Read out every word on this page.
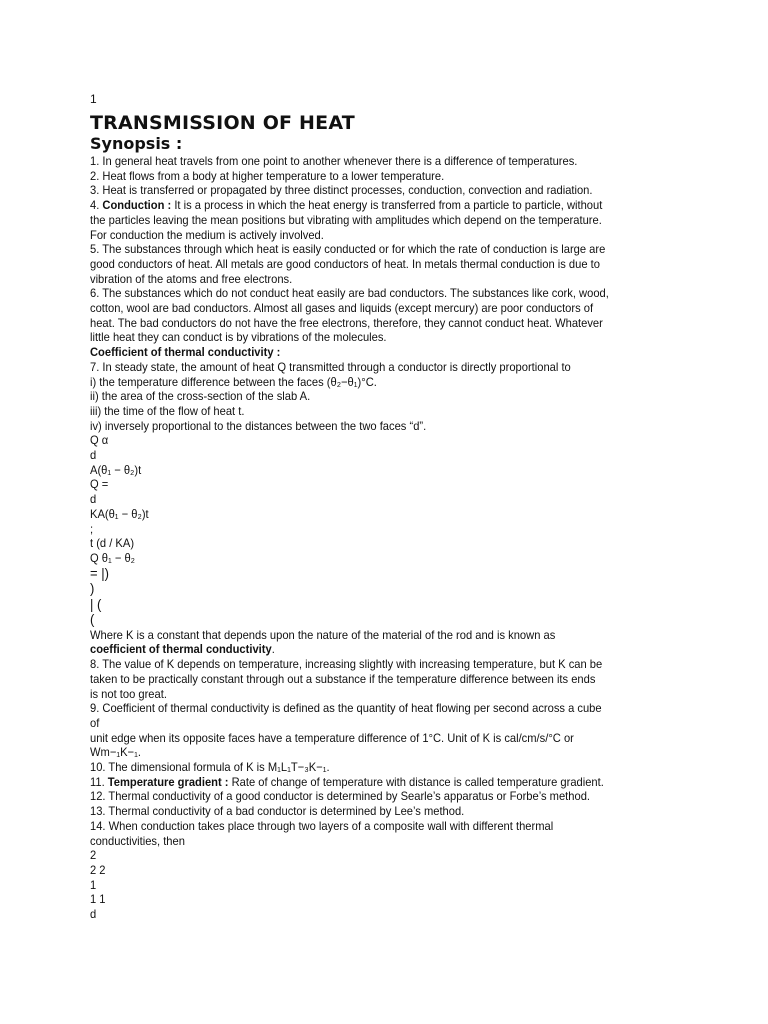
1

TRANSMISSION OF HEAT
Synopsis :

1. In general heat travels from one point to another whenever there is a difference of temperatures.

2. Heat flows from a body at higher temperature to a lower temperature.

3. Heat is transferred or propagated by three distinct processes, conduction, convection and radiation.

4. Conduction : It is a process in which the heat energy is transferred from a particle to particle, without

the particles leaving the mean positions but vibrating with amplitudes which depend on the temperature.

For conduction the medium is actively involved.

5. The substances through which heat is easily conducted or for which the rate of conduction is large are

good conductors of heat. All metals are good conductors of heat. In metals thermal conduction is due to

vibration of the atoms and free electrons.

6. The substances which do not conduct heat easily are bad conductors. The substances like cork, wood,

cotton, wool are bad conductors. Almost all gases and liquids (except mercury) are poor conductors of

heat. The bad conductors do not have the free electrons, therefore, they cannot conduct heat. Whatever

little heat they can conduct is by vibrations of the molecules.

Coefficient of thermal conductivity :

7. In steady state, the amount of heat Q transmitted through a conductor is directly proportional to

i) the temperature difference between the faces (θ₂−θ₁)°C.

ii) the area of the cross-section of the slab A.

iii) the time of the flow of heat t.

iv) inversely proportional to the distances between the two faces “d”.

Q α

d

A(θ₁ − θ₂)t

Q =

d

KA(θ₁ − θ₂)t

;

t (d / KA)

Q θ₁ − θ₂

= |)

)

| (

(

Where K is a constant that depends upon the nature of the material of the rod and is known as

coefficient of thermal conductivity.

8. The value of K depends on temperature, increasing slightly with increasing temperature, but K can be

taken to be practically constant through out a substance if the temperature difference between its ends

is not too great.

9. Coefficient of thermal conductivity is defined as the quantity of heat flowing per second across a cube

of

unit edge when its opposite faces have a temperature difference of 1°C. Unit of K is cal/cm/s/°C or

Wm−₁K−₁.

10. The dimensional formula of K is M₁L₁T−₃K−₁.

11. Temperature gradient : Rate of change of temperature with distance is called temperature gradient.

12. Thermal conductivity of a good conductor is determined by Searle’s apparatus or Forbe’s method.

13. Thermal conductivity of a bad conductor is determined by Lee’s method.

14. When conduction takes place through two layers of a composite wall with different thermal

conductivities, then

2

2 2

1

1 1

d
